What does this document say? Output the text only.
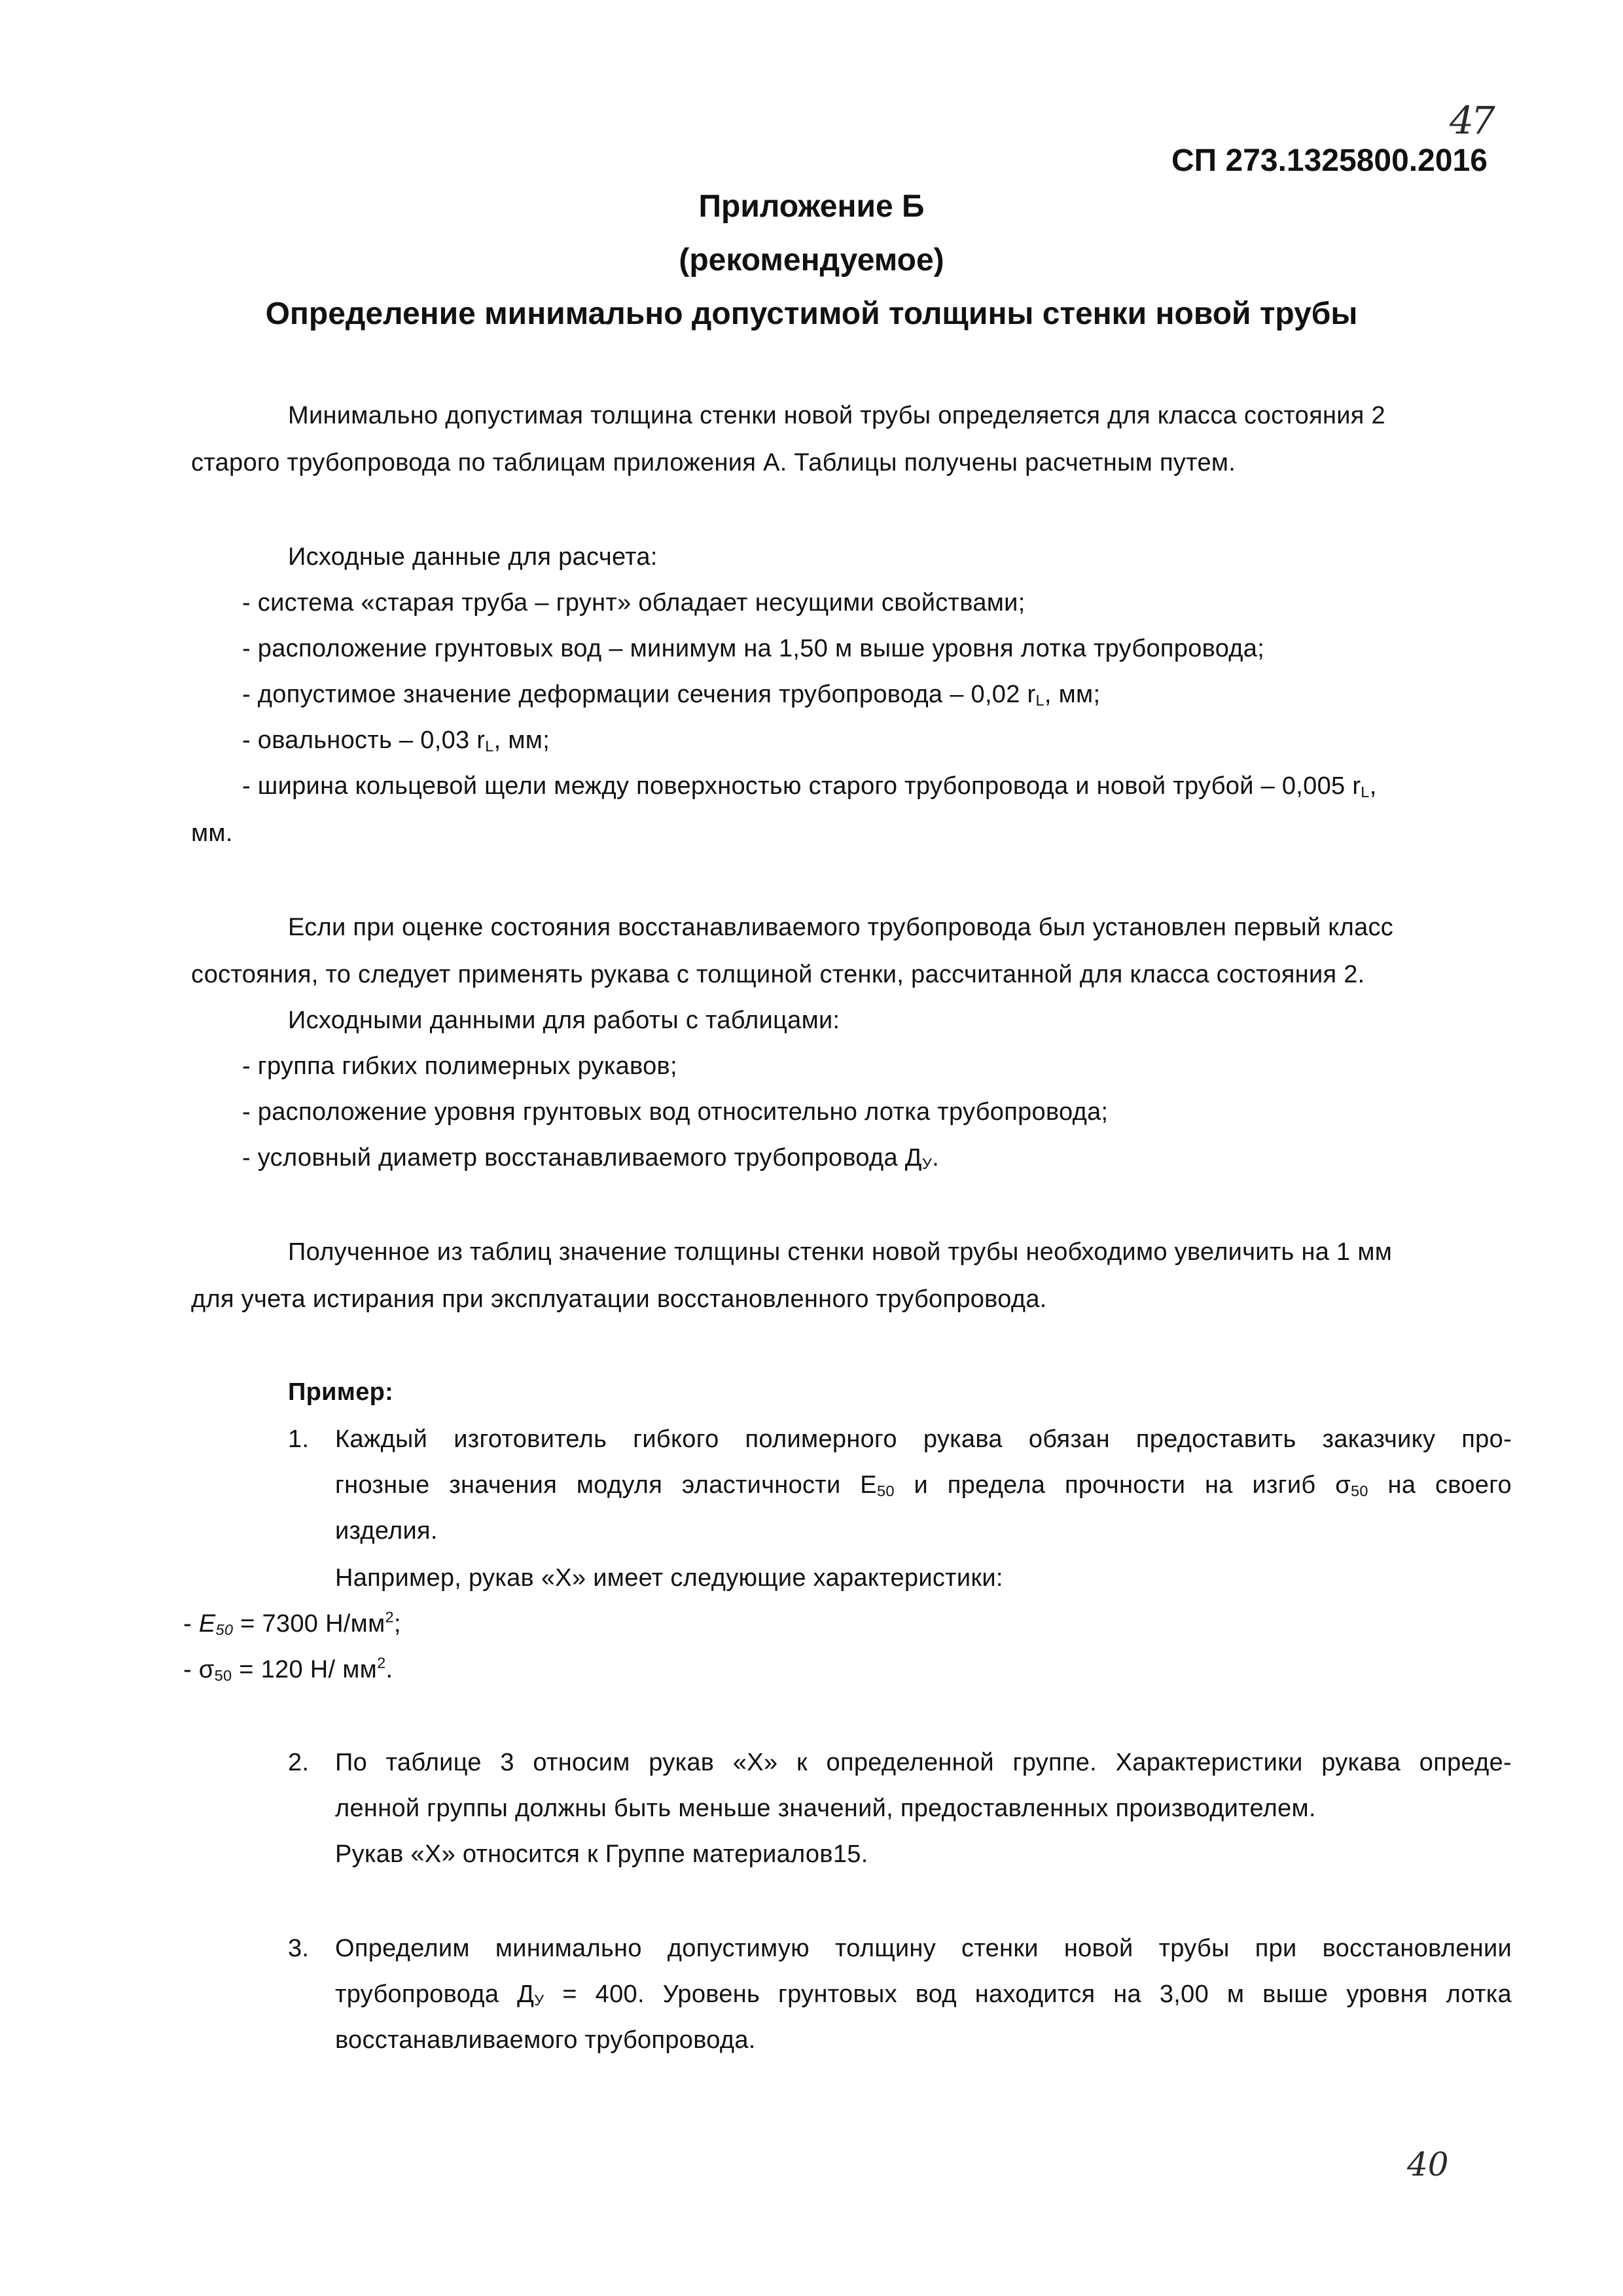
47
СП 273.1325800.2016
Приложение Б
(рекомендуемое)
Определение минимально допустимой толщины стенки новой трубы
Минимально допустимая толщина стенки новой трубы определяется для класса состояния 2
старого трубопровода по таблицам приложения А. Таблицы получены расчетным путем.
Исходные данные для расчета:
- система «старая труба – грунт» обладает несущими свойствами;
- расположение грунтовых вод – минимум на 1,50 м выше уровня лотка трубопровода;
- допустимое значение деформации сечения трубопровода – 0,02 $r_L$, мм;
- овальность – 0,03 $r_L$, мм;
- ширина кольцевой щели между поверхностью старого трубопровода и новой трубой – 0,005 $r_L$,
мм.
Если при оценке состояния восстанавливаемого трубопровода был установлен первый класс
состояния, то следует применять рукава с толщиной стенки, рассчитанной для класса состояния 2.
Исходными данными для работы с таблицами:
- группа гибких полимерных рукавов;
- расположение уровня грунтовых вод относительно лотка трубопровода;
- условный диаметр восстанавливаемого трубопровода $Д_У$.
Полученное из таблиц значение толщины стенки новой трубы необходимо увеличить на 1 мм
для учета истирания при эксплуатации восстановленного трубопровода.
Пример:
1. Каждый изготовитель гибкого полимерного рукава обязан предоставить заказчику про-
гнозные значения модуля эластичности $E_{50}$ и предела прочности на изгиб $\sigma_{50}$ на своего
изделия.
Например, рукав «Х» имеет следующие характеристики:
- $E_{50} = 7300$ $Н/мм^2$;
- $\sigma_{50} = 120$ Н/ $мм^2$.
2. По таблице 3 относим рукав «Х» к определенной группе. Характеристики рукава опреде-
ленной группы должны быть меньше значений, предоставленных производителем.
Рукав «Х» относится к Группе материалов15.
3. Определим минимально допустимую толщину стенки новой трубы при восстановлении
трубопровода $Д_У = 400$. Уровень грунтовых вод находится на 3,00 м выше уровня лотка
восстанавливаемого трубопровода.
40
